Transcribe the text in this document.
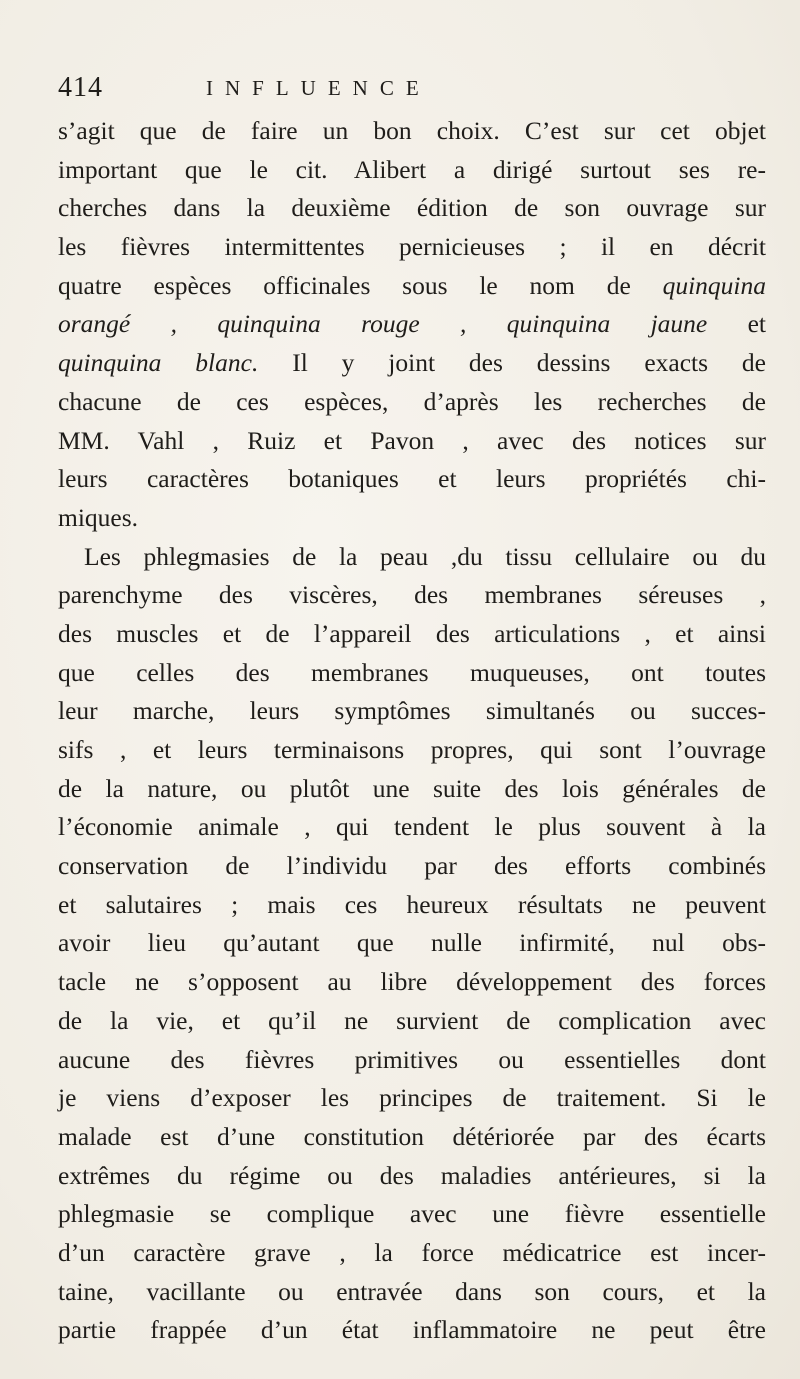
414	INFLUENCE
s’agit que de faire un bon choix. C’est sur cet objet
important que le cit. Alibert a dirigé surtout ses re-
cherches dans la deuxième édition de son ouvrage sur
les fièvres intermittentes pernicieuses ; il en décrit
quatre espèces officinales sous le nom de quinquina
orangé , quinquina rouge , quinquina jaune et
quinquina blanc. Il y joint des dessins exacts de
chacune de ces espèces, d’après les recherches de
MM. Vahl , Ruiz et Pavon , avec des notices sur
leurs caractères botaniques et leurs propriétés chi-
miques.
Les phlegmasies de la peau ,du tissu cellulaire ou du
parenchyme des viscères, des membranes séreuses ,
des muscles et de l’appareil des articulations , et ainsi
que celles des membranes muqueuses, ont toutes
leur marche, leurs symptômes simultanés ou succes-
sifs , et leurs terminaisons propres, qui sont l’ouvrage
de la nature, ou plutôt une suite des lois générales de
l’économie animale , qui tendent le plus souvent à la
conservation de l’individu par des efforts combinés
et salutaires ; mais ces heureux résultats ne peuvent
avoir lieu qu’autant que nulle infirmité, nul obs-
tacle ne s’opposent au libre développement des forces
de la vie, et qu’il ne survient de complication avec
aucune des fièvres primitives ou essentielles dont
je viens d’exposer les principes de traitement. Si le
malade est d’une constitution détériorée par des écarts
extrêmes du régime ou des maladies antérieures, si la
phlegmasie se complique avec une fièvre essentielle
d’un caractère grave , la force médicatrice est incer-
taine, vacillante ou entravée dans son cours, et la
partie frappée d’un état inflammatoire ne peut être
